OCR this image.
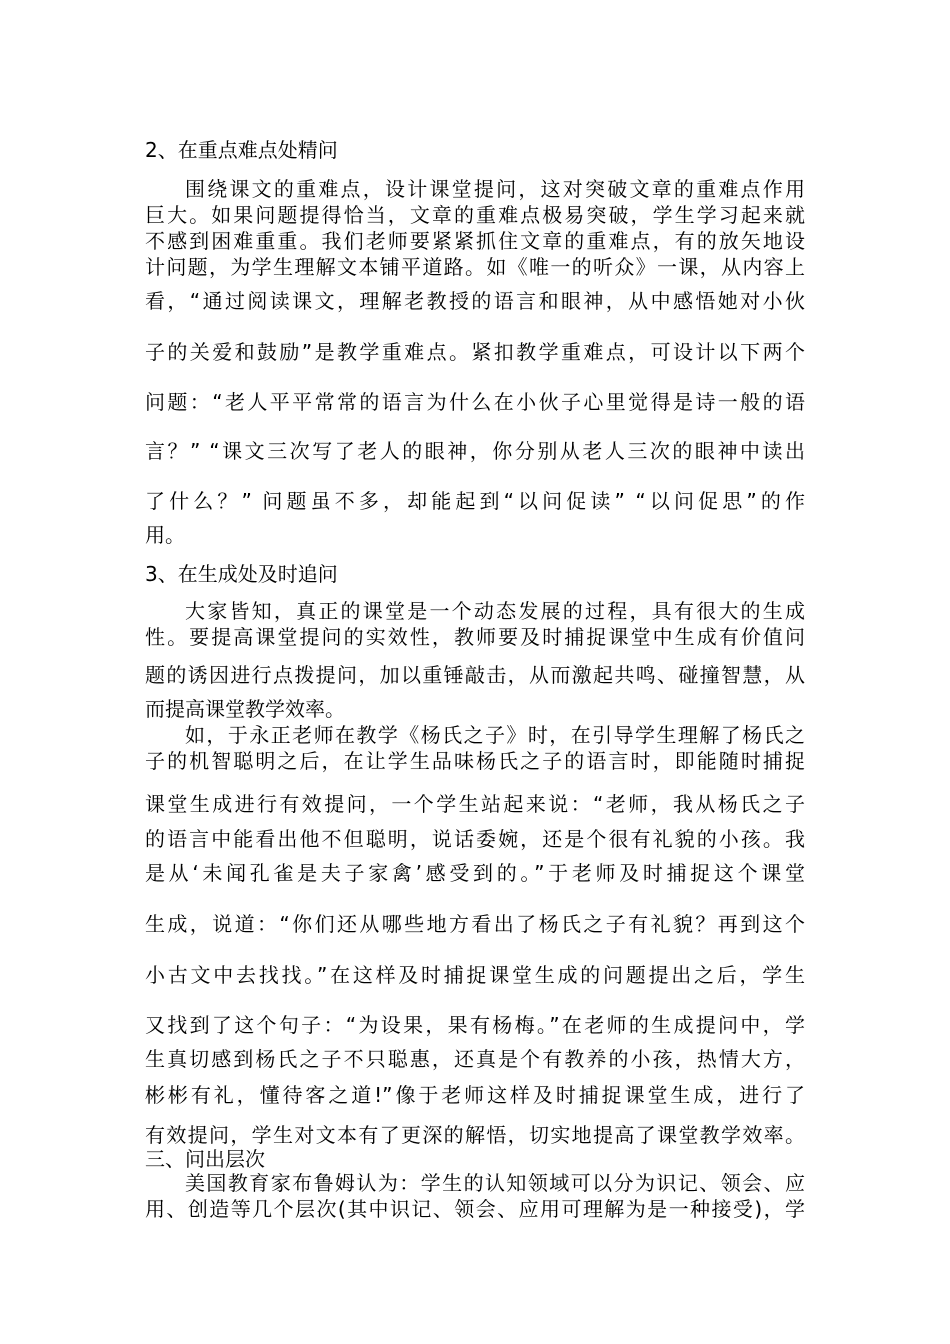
2、在重点难点处精问

围绕课文的重难点，设计课堂提问，这对突破文章的重难点作用

巨大。如果问题提得恰当，文章的重难点极易突破，学生学习起来就

不感到困难重重。我们老师要紧紧抓住文章的重难点，有的放矢地设

计问题，为学生理解文本铺平道路。如《唯一的听众》一课，从内容上

看，“通过阅读课文，理解老教授的语言和眼神，从中感悟她对小伙

子的关爱和鼓励”是教学重难点。紧扣教学重难点，可设计以下两个

问题：“老人平平常常的语言为什么在小伙子心里觉得是诗一般的语

言？” “课文三次写了老人的眼神，你分别从老人三次的眼神中读出

了什么？” 问题虽不多，却能起到“以问促读” “以问促思”的作

用。

3、在生成处及时追问

大家皆知，真正的课堂是一个动态发展的过程，具有很大的生成

性。要提高课堂提问的实效性，教师要及时捕捉课堂中生成有价值问

题的诱因进行点拨提问，加以重锤敲击，从而激起共鸣、碰撞智慧，从

而提高课堂教学效率。

如，于永正老师在教学《杨氏之子》时，在引导学生理解了杨氏之

子的机智聪明之后，在让学生品味杨氏之子的语言时，即能随时捕捉

课堂生成进行有效提问，一个学生站起来说：“老师，我从杨氏之子

的语言中能看出他不但聪明，说话委婉，还是个很有礼貌的小孩。我

是从‘未闻孔雀是夫子家禽’感受到的。”于老师及时捕捉这个课堂

生成，说道：“你们还从哪些地方看出了杨氏之子有礼貌？再到这个

小古文中去找找。”在这样及时捕捉课堂生成的问题提出之后，学生

又找到了这个句子：“为设果，果有杨梅。”在老师的生成提问中，学

生真切感到杨氏之子不只聪惠，还真是个有教养的小孩，热情大方，

彬彬有礼，懂待客之道!”像于老师这样及时捕捉课堂生成，进行了

有效提问，学生对文本有了更深的解悟，切实地提高了课堂教学效率。

三、问出层次

美国教育家布鲁姆认为：学生的认知领域可以分为识记、领会、应

用、创造等几个层次(其中识记、领会、应用可理解为是一种接受)，学
